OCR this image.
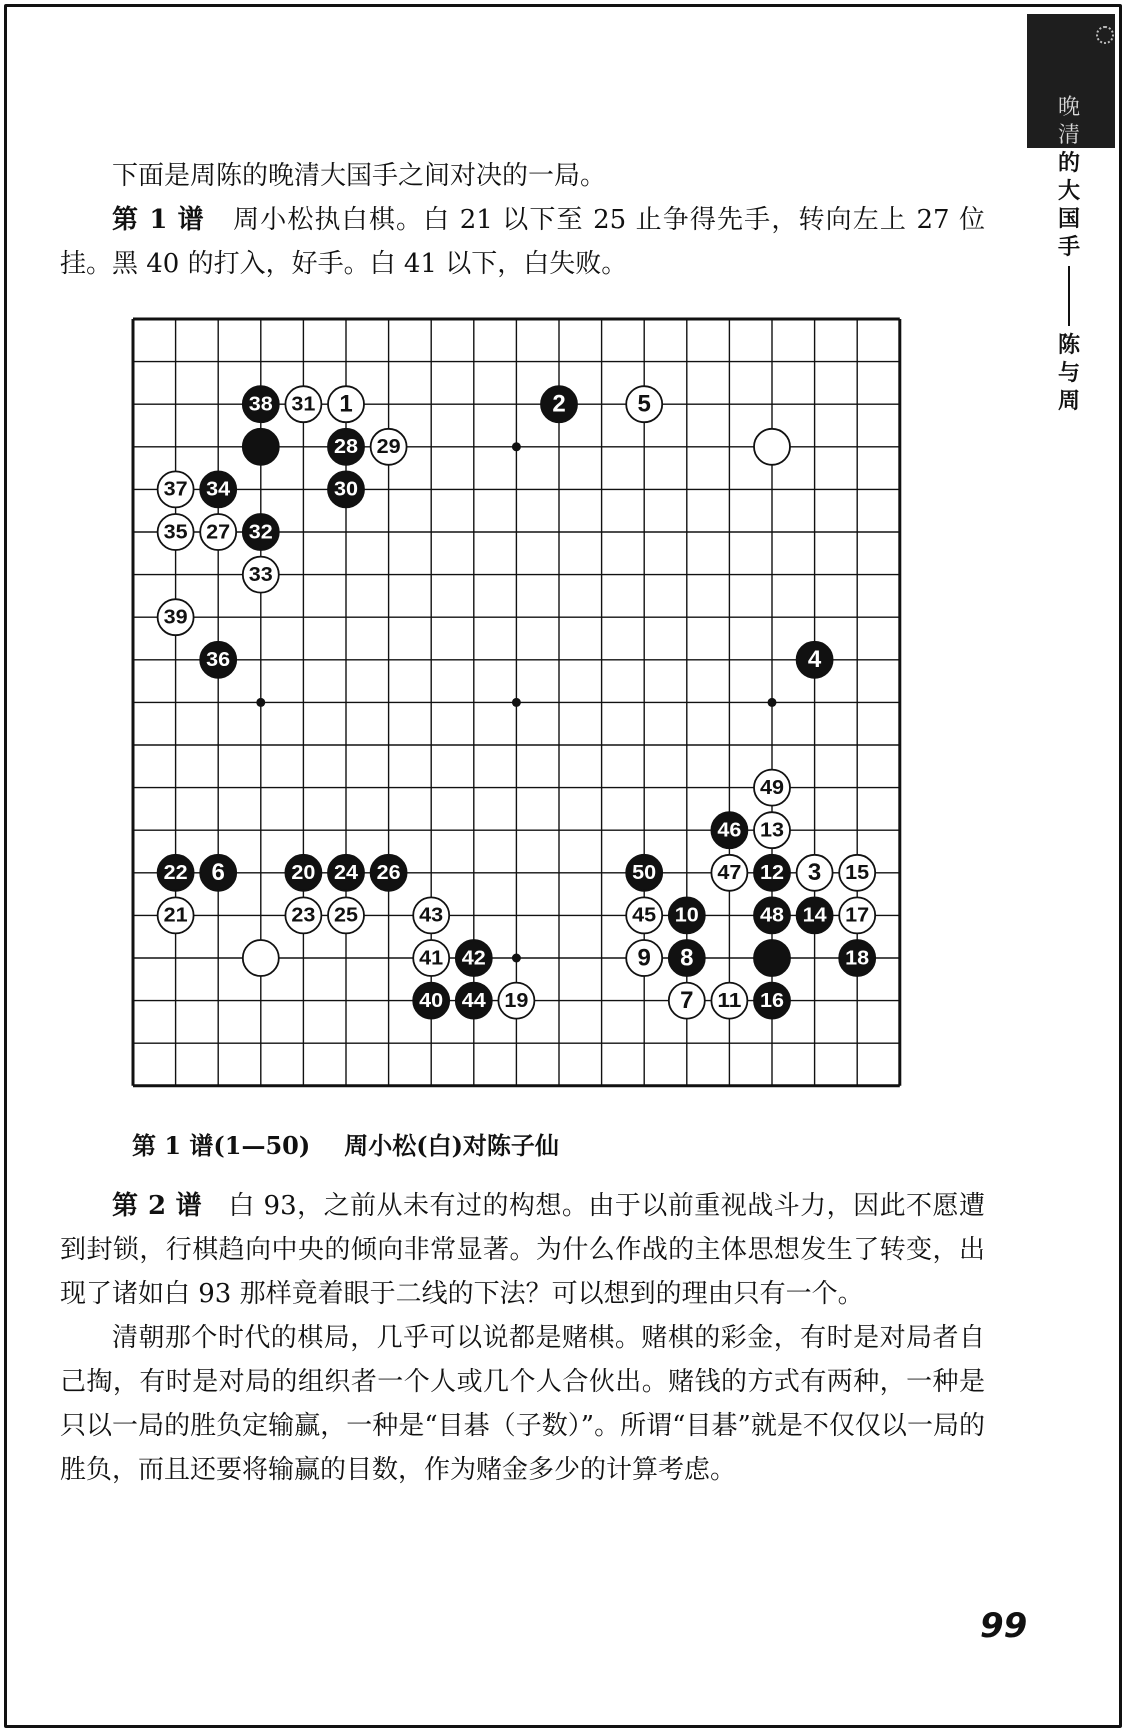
晚
清
的
大
国
手
陈
与
周
下面是周陈的晚清大国手之间对决的一局。
第 1 谱 周小松执白棋。白 21 以下至 25 止争得先手，转向左上 27 位挂。黑 40 的打入，好手。白 41 以下，白失败。
38 31 1	2	5
28 29
37 34	30
35 27 32
33
39
36	4
49
46 13
22 6	20 24 26	50	47 12 3 15
21	23 25	43	45 10	48 14 17
41 42	9 8	18
40 44 19	7 11 16
第 1 谱(1—50) 周小松(白)对陈子仙
第 2 谱 白 93，之前从未有过的构想。由于以前重视战斗力，因此不愿遭到封锁，行棋趋向中央的倾向非常显著。为什么作战的主体思想发生了转变，出现了诸如白 93 那样竟着眼于二线的下法？可以想到的理由只有一个。
清朝那个时代的棋局，几乎可以说都是赌棋。赌棋的彩金，有时是对局者自己掏，有时是对局的组织者一个人或几个人合伙出。赌钱的方式有两种，一种是只以一局的胜负定输赢，一种是“目碁（子数）”。所谓“目碁”就是不仅仅以一局的胜负，而且还要将输赢的目数，作为赌金多少的计算考虑。
99
